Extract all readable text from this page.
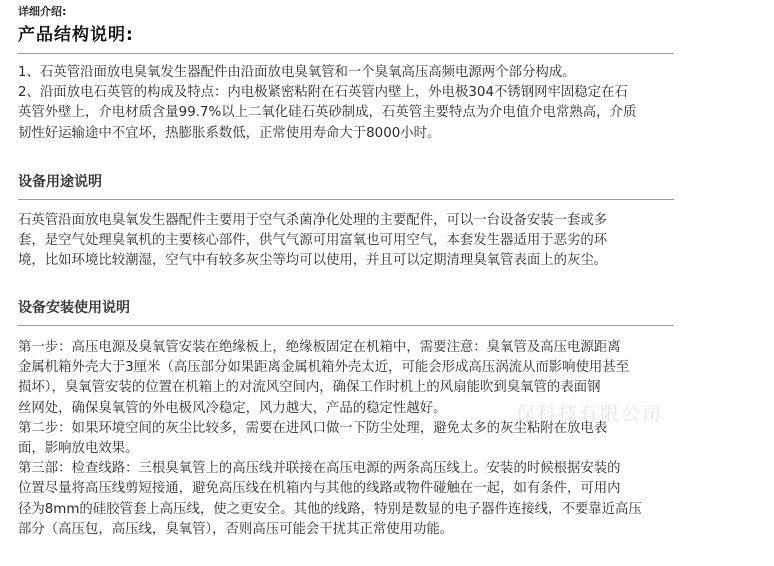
详细介绍:
产品结构说明:
1、石英管沿面放电臭氧发生器配件由沿面放电臭氧管和一个臭氧高压高频电源两个部分构成。
2、沿面放电石英管的构成及特点：内电极紧密粘附在石英管内壁上，外电极304不锈钢网牢固稳定在石
英管外壁上，介电材质含量99.7%以上二氧化硅石英砂制成，石英管主要特点为介电值介电常熟高，介质
韧性好运输途中不宜坏，热膨胀系数低，正常使用寿命大于8000小时。
设备用途说明
石英管沿面放电臭氧发生器配件主要用于空气杀菌净化处理的主要配件，可以一台设备安装一套或多
套，是空气处理臭氧机的主要核心部件，供气气源可用富氧也可用空气，本套发生器适用于恶劣的环
境，比如环境比较潮湿，空气中有较多灰尘等均可以使用，并且可以定期清理臭氧管表面上的灰尘。
设备安装使用说明
第一步：高压电源及臭氧管安装在绝缘板上，绝缘板固定在机箱中，需要注意：臭氧管及高压电源距离
金属机箱外壳大于3厘米（高压部分如果距离金属机箱外壳太近，可能会形成高压涡流从而影响使用甚至
损坏），臭氧管安装的位置在机箱上的对流风空间内，确保工作时机上的风扇能吹到臭氧管的表面钢
丝网处，确保臭氧管的外电极风冷稳定，风力越大，产品的稳定性越好。
第二步：如果环境空间的灰尘比较多，需要在进风口做一下防尘处理，避免太多的灰尘粘附在放电表
面，影响放电效果。
第三部：检查线路：三根臭氧管上的高压线并联接在高压电源的两条高压线上。安装的时候根据安装的
位置尽量将高压线剪短接通，避免高压线在机箱内与其他的线路或物件碰触在一起，如有条件，可用内
径为8mm的硅胶管套上高压线，使之更安全。其他的线路，特别是数显的电子器件连接线，不要靠近高压
部分（高压包，高压线，臭氧管），否则高压可能会干扰其正常使用功能。
保科技有限公司
